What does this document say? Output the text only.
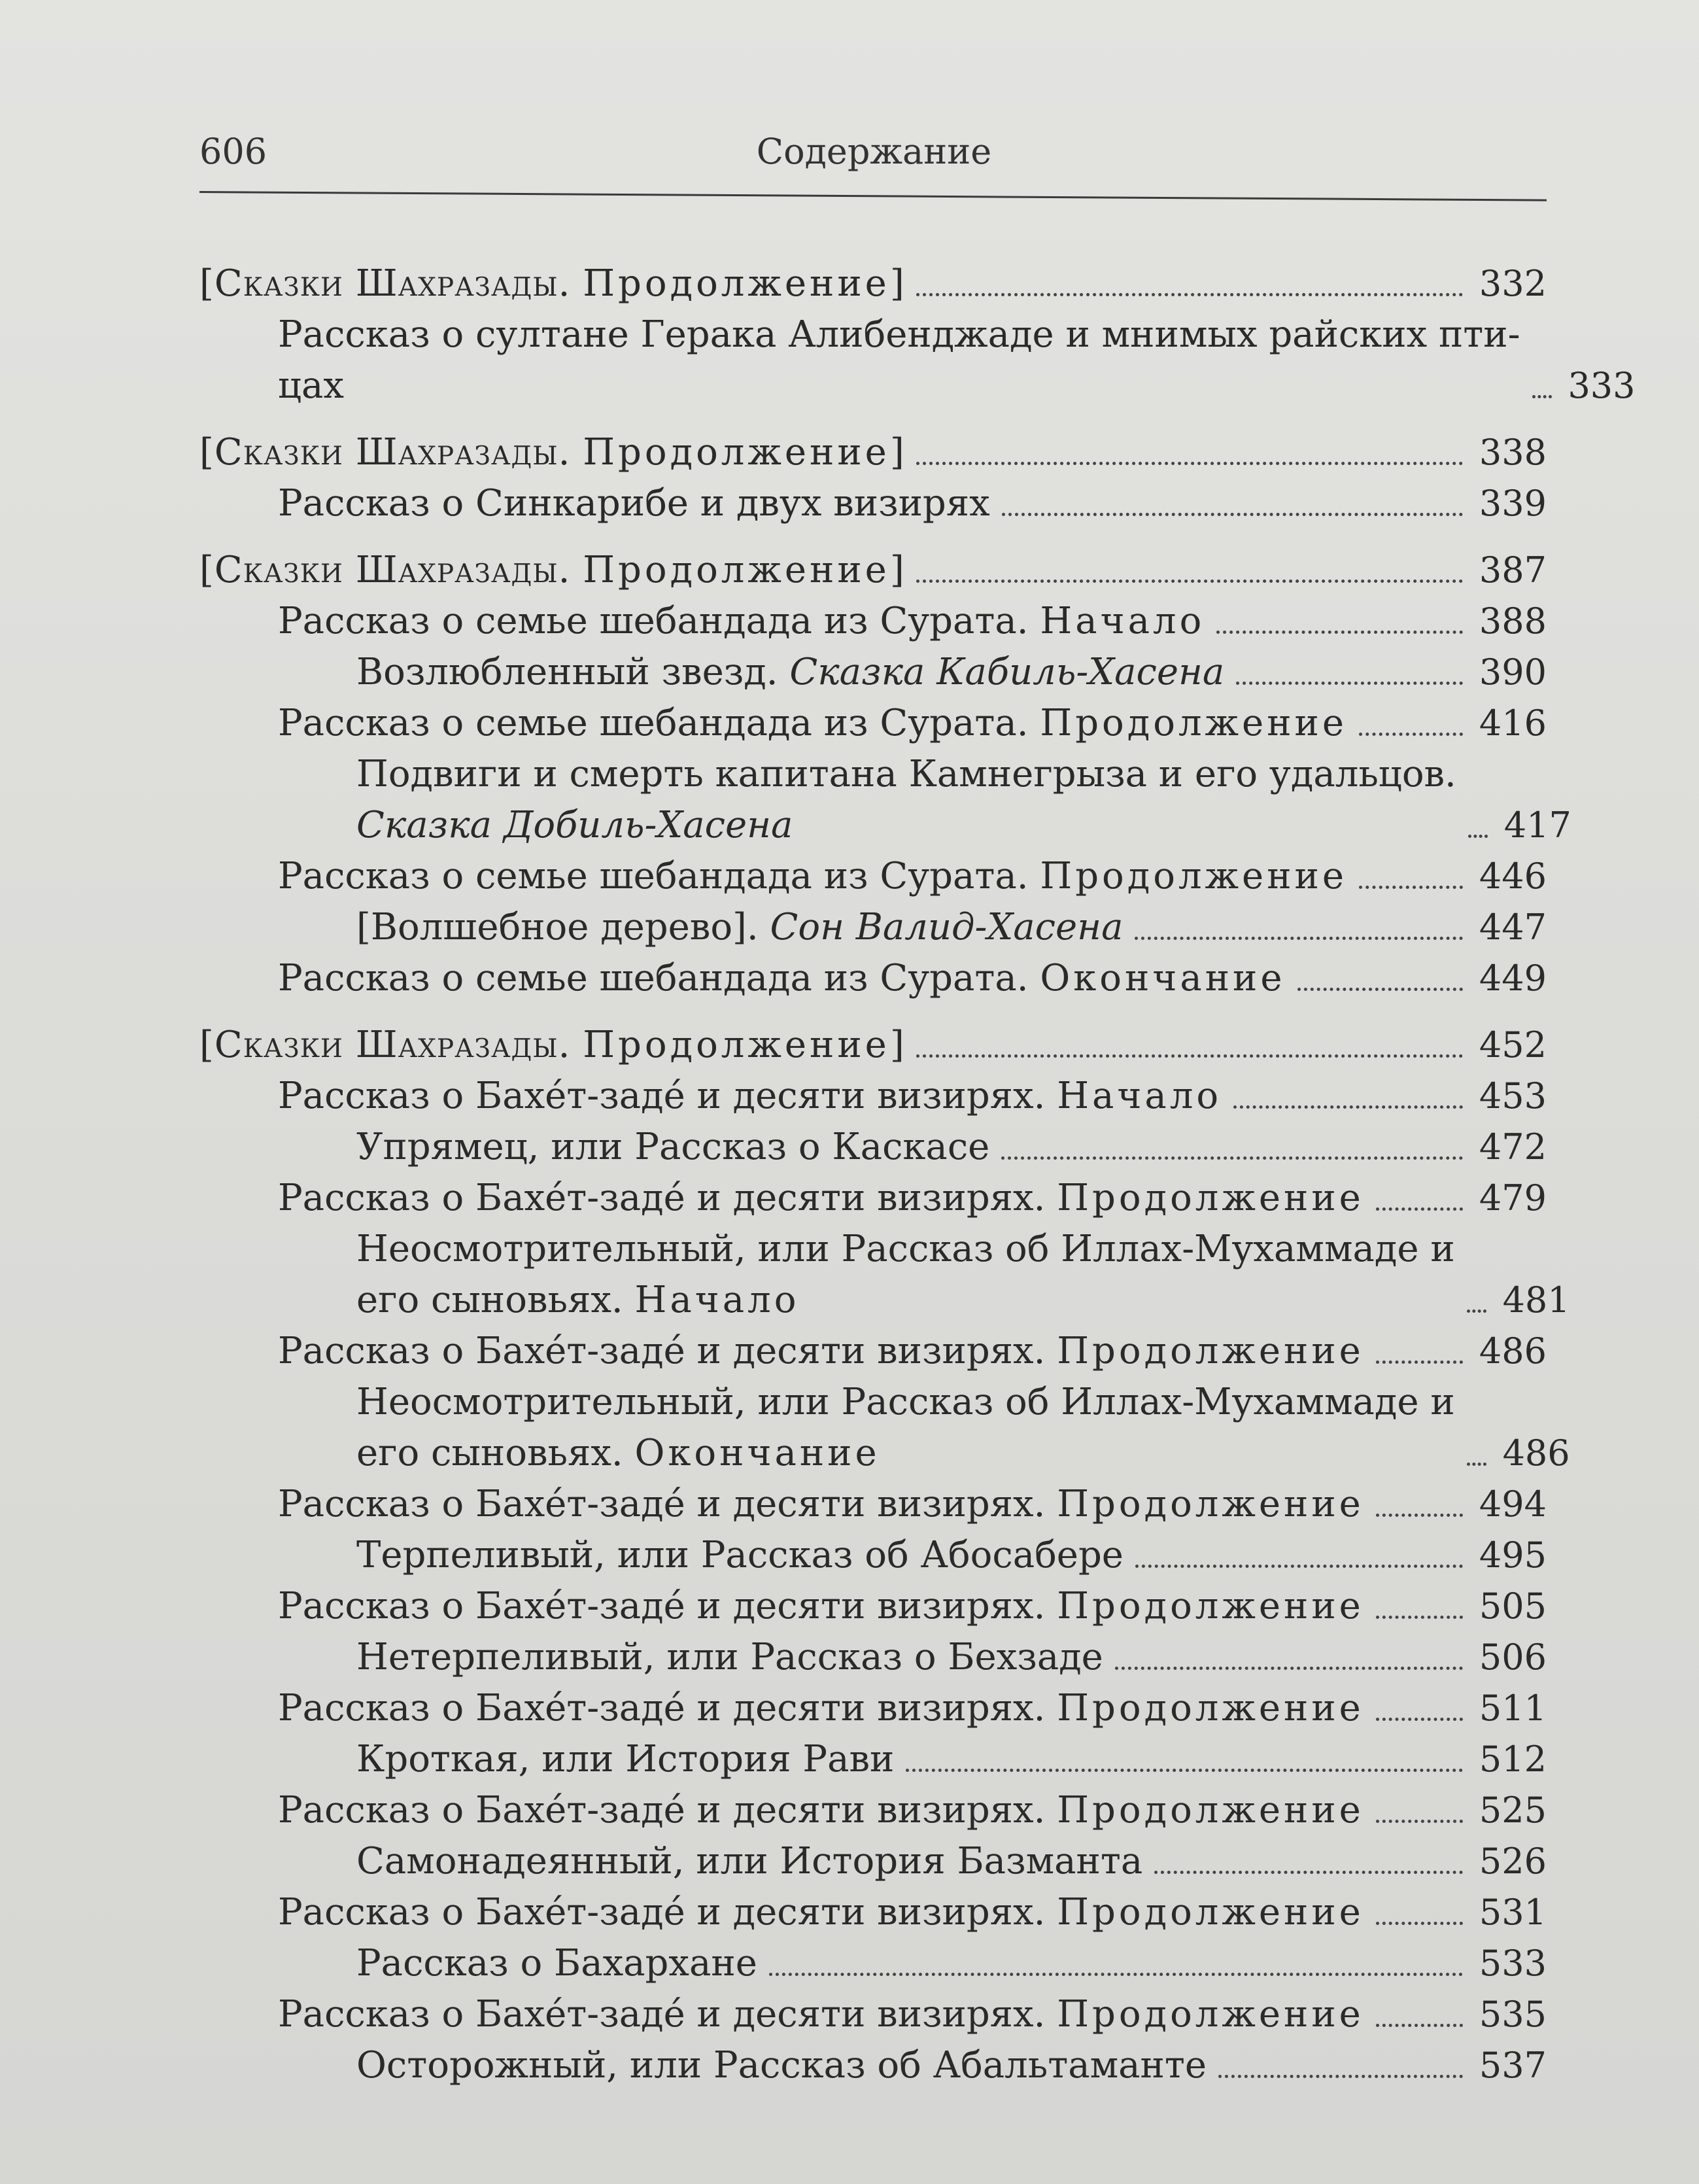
606	Содержание
[Сказки Шахразады. Продолжение]	332
Рассказ о султане Герака Алибенджаде и мнимых райских пти-
цах	333
[Сказки Шахразады. Продолжение]	338
Рассказ о Синкарибе и двух визирях	339
[Сказки Шахразады. Продолжение]	387
Рассказ о семье шебандада из Сурата. Начало	388
Возлюбленный звезд. Сказка Кабиль-Хасена	390
Рассказ о семье шебандада из Сурата. Продолжение	416
Подвиги и смерть капитана Камнегрыза и его удальцов.
Сказка Добиль-Хасена	417
Рассказ о семье шебандада из Сурата. Продолжение	446
[Волшебное дерево]. Сон Валид-Хасена	447
Рассказ о семье шебандада из Сурата. Окончание	449
[Сказки Шахразады. Продолжение]	452
Рассказ о Бахéт-задé и десяти визирях. Начало	453
Упрямец, или Рассказ о Каскасе	472
Рассказ о Бахéт-задé и десяти визирях. Продолжение	479
Неосмотрительный, или Рассказ об Иллах-Мухаммаде и
его сыновьях. Начало	481
Рассказ о Бахéт-задé и десяти визирях. Продолжение	486
Неосмотрительный, или Рассказ об Иллах-Мухаммаде и
его сыновьях. Окончание	486
Рассказ о Бахéт-задé и десяти визирях. Продолжение	494
Терпеливый, или Рассказ об Абосабере	495
Рассказ о Бахéт-задé и десяти визирях. Продолжение	505
Нетерпеливый, или Рассказ о Бехзаде	506
Рассказ о Бахéт-задé и десяти визирях. Продолжение	511
Кроткая, или История Рави	512
Рассказ о Бахéт-задé и десяти визирях. Продолжение	525
Самонадеянный, или История Базманта	526
Рассказ о Бахéт-задé и десяти визирях. Продолжение	531
Рассказ о Бахархане	533
Рассказ о Бахéт-задé и десяти визирях. Продолжение	535
Осторожный, или Рассказ об Абальтаманте	537
